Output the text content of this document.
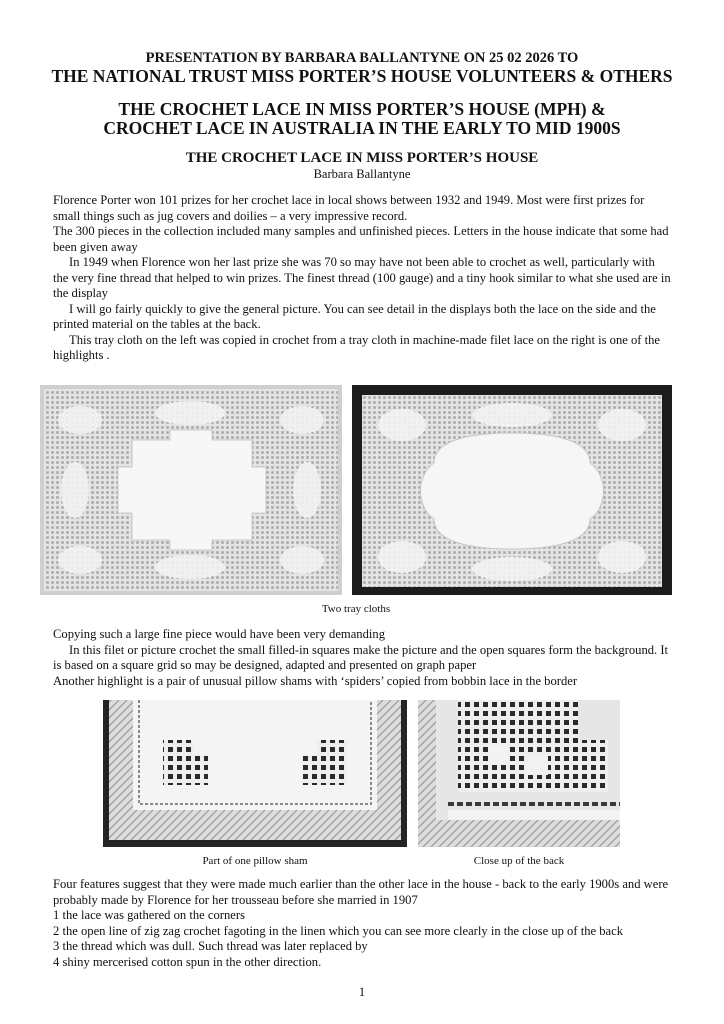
PRESENTATION BY BARBARA BALLANTYNE ON 25 02 2026 TO
THE NATIONAL TRUST MISS PORTER’S HOUSE VOLUNTEERS & OTHERS
THE CROCHET LACE IN MISS PORTER’S HOUSE (MPH) &
CROCHET LACE IN AUSTRALIA IN THE EARLY TO MID 1900S
THE CROCHET LACE IN MISS PORTER’S HOUSE
Barbara Ballantyne

Florence Porter won 101 prizes for her crochet lace in local shows between 1932 and 1949. Most were first prizes for small things such as jug covers and doilies – a very impressive record.

The 300 pieces in the collection included many samples and unfinished pieces. Letters in the house indicate that some had been given away

In 1949 when Florence won her last prize she was 70 so may have not been able to crochet as well, particularly with the very fine thread that helped to win prizes. The finest thread (100 gauge) and a tiny hook similar to what she used are in the display

I will go fairly quickly to give the general picture. You can see detail in the displays both the lace on the side and the printed material on the tables at the back.

This tray cloth on the left was copied in crochet from a tray cloth in machine-made filet lace on the right is one of the highlights .

Two tray cloths

Copying such a large fine piece would have been very demanding

In this filet or picture crochet the small filled-in squares make the picture and the open squares form the background. It is based on a square grid so may be designed, adapted and presented on graph paper

Another highlight is a pair of unusual pillow shams with ‘spiders’ copied from bobbin lace in the border

Part of one pillow sham	Close up of the back

Four features suggest that they were made much earlier than the other lace in the house - back to the early 1900s and were probably made by Florence for her trousseau before she married in 1907

1 the lace was gathered on the corners

2 the open line of zig zag crochet fagoting in the linen which you can see more clearly in the close up of the back

3 the thread which was dull. Such thread was later replaced by

4 shiny mercerised cotton spun in the other direction.

1
